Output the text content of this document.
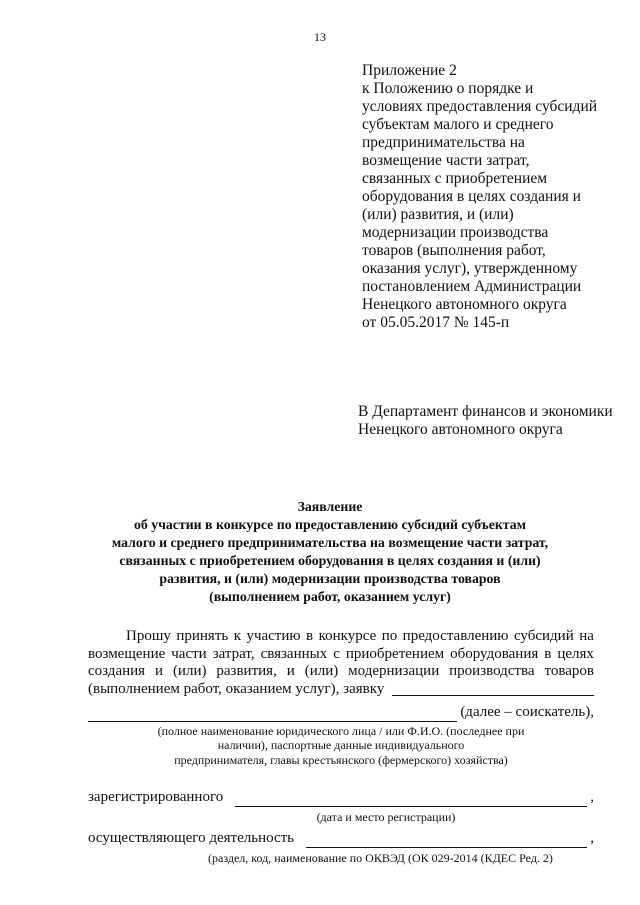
13
Приложение 2
к Положению о порядке и
условиях предоставления субсидий
субъектам малого и среднего
предпринимательства на
возмещение части затрат,
связанных с приобретением
оборудования в целях создания и
(или) развития, и (или)
модернизации производства
товаров (выполнения работ,
оказания услуг), утвержденному
постановлением Администрации
Ненецкого автономного округа
от 05.05.2017 № 145-п
В Департамент финансов и экономики
Ненецкого автономного округа
Заявление
об участии в конкурсе по предоставлению субсидий субъектам
малого и среднего предпринимательства на возмещение части затрат,
связанных с приобретением оборудования в целях создания и (или)
развития, и (или) модернизации производства товаров
(выполнением работ, оказанием услуг)
Прошу принять к участию в конкурсе по предоставлению субсидий на
возмещение части затрат, связанных с приобретением оборудования в целях
создания и (или) развития, и (или) модернизации производства товаров
(выполнением работ, оказанием услуг), заявку
(далее – соискатель),
(полное наименование юридического лица / или Ф.И.О. (последнее при
наличии), паспортные данные индивидуального
предпринимателя, главы крестьянского (фермерского) хозяйства)
зарегистрированного	,
(дата и место регистрации)
осуществляющего деятельность	,
(раздел, код, наименование по ОКВЭД (ОК 029-2014 (КДЕС Ред. 2)
